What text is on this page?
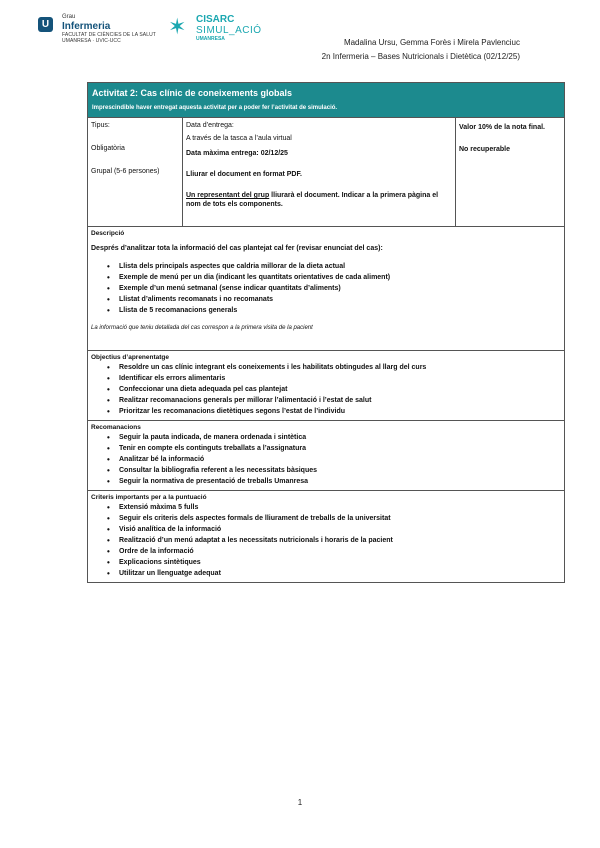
U
Grau
Infermeria
FACULTAT DE CIÈNCIES DE LA SALUT
UMANRESA · UVIC-UCC
✶ CISARC
SIMUL_ACIÓ
UMANRESA	Madalina Ursu, Gemma Forès i Mirela Pavlenciuc
2n Infermeria – Bases Nutricionals i Dietètica (02/12/25)
Activitat 2: Cas clínic de coneixements globals
Imprescindible haver entregat aquesta activitat per a poder fer l’activitat de simulació.

Tipus:

Obligatòria

Grupal (5-6 persones)

Data d’entrega:

A través de la tasca a l’aula virtual

Data màxima entrega: 02/12/25

Lliurar el document en format PDF.

Un representant del grup lliurarà el document. Indicar a la primera pàgina el nom de tots els components.

Valor 10% de la nota final.

No recuperable

Descripció
Després d’analitzar tota la informació del cas plantejat cal fer (revisar enunciat del cas):
• Llista dels principals aspectes que caldria millorar de la dieta actual
• Exemple de menú per un dia (indicant les quantitats orientatives de cada aliment)
• Exemple d’un menú setmanal (sense indicar quantitats d’aliments)
• Llistat d’aliments recomanats i no recomanats
• Llista de 5 recomanacions generals
La informació que teniu detallada del cas correspon a la primera visita de la pacient
Objectius d’aprenentatge
• Resoldre un cas clínic integrant els coneixements i les habilitats obtingudes al llarg del curs
• Identificar els errors alimentaris
• Confeccionar una dieta adequada pel cas plantejat
• Realitzar recomanacions generals per millorar l’alimentació i l’estat de salut
• Prioritzar les recomanacions dietètiques segons l’estat de l’individu
Recomanacions
• Seguir la pauta indicada, de manera ordenada i sintètica
• Tenir en compte els continguts treballats a l’assignatura
• Analitzar bé la informació
• Consultar la bibliografia referent a les necessitats bàsiques
• Seguir la normativa de presentació de treballs Umanresa
Criteris importants per a la puntuació
• Extensió màxima 5 fulls
• Seguir els criteris dels aspectes formals de lliurament de treballs de la universitat
• Visió analítica de la informació
• Realització d’un menú adaptat a les necessitats nutricionals i horaris de la pacient
• Ordre de la informació
• Explicacions sintètiques
• Utilitzar un llenguatge adequat
1
